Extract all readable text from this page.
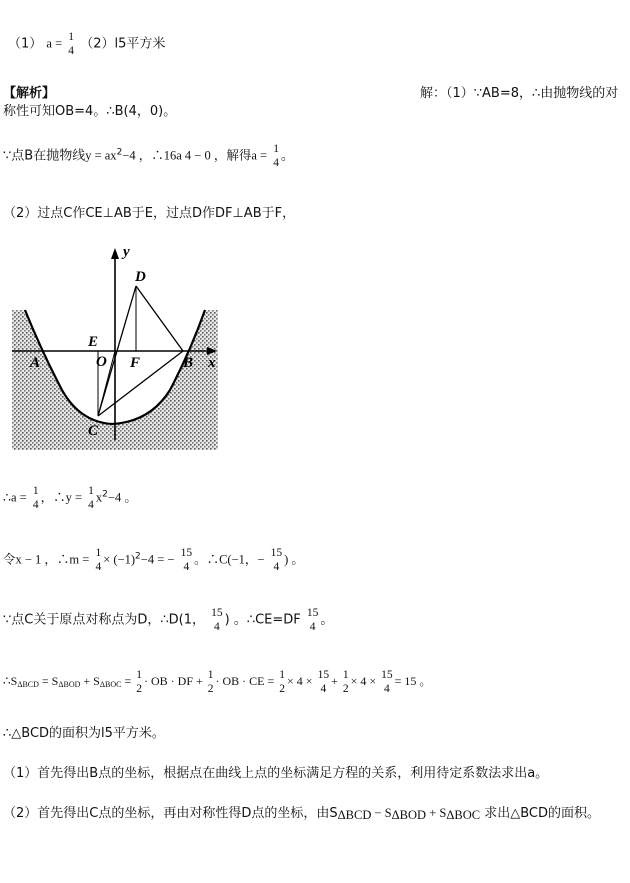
（1） a = 1
4 （2）l5平方米
【解析】	解：（1）∵AB=8，∴由抛物线的对
称性可知OB=4。∴B(4，0)。
∵点B在抛物线$y = ax^2-4$ ，∴16a 4 − 0 ，解得a = 1
4 。
（2）过点C作CE⊥AB于E，过点D作DF⊥AB于F，
y
x
D
E
O F
A	B
C
∴a = 1
4
，∴y = 1
4
$x^2-4$ 。
令x − 1 ，∴m = 1
4
× $(-1)^2-4$ = − 15
4
。∴C(−1，− 15
4
) 。
∵点C关于原点对称点为D，∴D(1， 15
4 ) 。∴CE=DF 15
4 。
$\therefore S_{\Delta BCD} = S_{\Delta BOD} + S_{\Delta BOC} = 1$
2
· OB · DF + 1
2
· OB · CE = 1
2
× 4 × 15
4
+ 1
2
× 4 × 15
4
= 15 。
∴△BCD的面积为l5平方米。
（1）首先得出B点的坐标，根据点在曲线上点的坐标满足方程的关系，利用待定系数法求出a。
（2）首先得出C点的坐标，再由对称性得D点的坐标，由$S_{\Delta BCD} - S_{\Delta BOD} + S_{\Delta BOC}$ 求出△BCD的面积。
